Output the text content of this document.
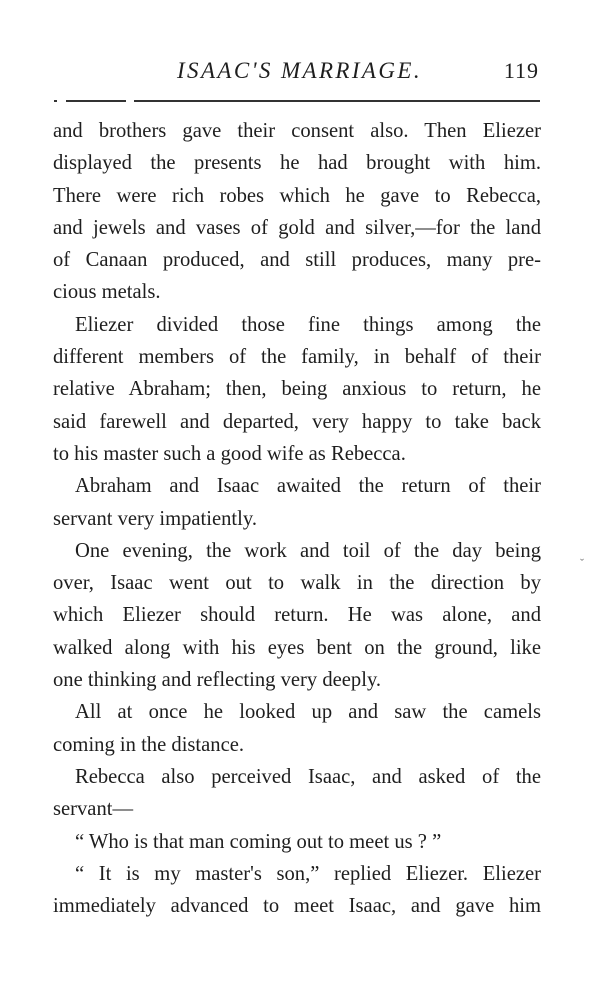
ISAAC'S MARRIAGE.	119
and brothers gave their consent also. Then Eliezer
displayed the presents he had brought with him.
There were rich robes which he gave to Rebecca,
and jewels and vases of gold and silver,—for the land
of Canaan produced, and still produces, many pre-
cious metals.
Eliezer divided those fine things among the
different members of the family, in behalf of their
relative Abraham; then, being anxious to return, he
said farewell and departed, very happy to take back
to his master such a good wife as Rebecca.
Abraham and Isaac awaited the return of their
servant very impatiently.
One evening, the work and toil of the day being
over, Isaac went out to walk in the direction by
which Eliezer should return. He was alone, and
walked along with his eyes bent on the ground, like
one thinking and reflecting very deeply.
All at once he looked up and saw the camels
coming in the distance.
Rebecca also perceived Isaac, and asked of the
servant—
“ Who is that man coming out to meet us ? ”
“ It is my master's son,” replied Eliezer. Eliezer
immediately advanced to meet Isaac, and gave him
ˇ
